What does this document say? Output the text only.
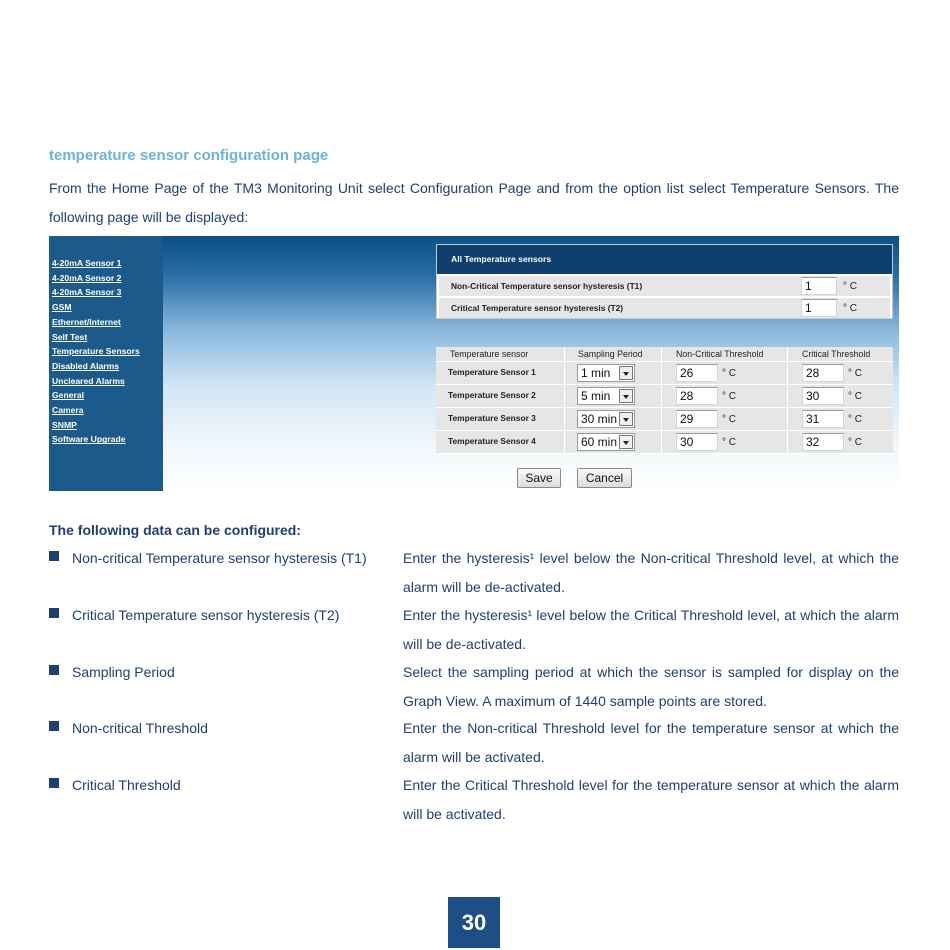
temperature sensor configuration page
From the Home Page of the TM3 Monitoring Unit select Configuration Page and from the option list select Temperature Sensors. The following page will be displayed:
4-20mA Sensor 1
4-20mA Sensor 2
4-20mA Sensor 3
GSM
Ethernet/Internet
Self Test
Temperature Sensors
Disabled Alarms
Uncleared Alarms
General
Camera
SNMP
Software Upgrade
All Temperature sensors
Non-Critical Temperature sensor hysteresis (T1)	1	° C
Critical Temperature sensor hysteresis (T2)	1	° C
Temperature sensor	Sampling Period	Non-Critical Threshold	Critical Threshold
Temperature Sensor 1	1 min	26	° C	28	° C
Temperature Sensor 2	5 min	28	° C	30	° C
Temperature Sensor 3	30 min	29	° C	31	° C
Temperature Sensor 4	60 min	30	° C	32	° C
Save	Cancel
The following data can be configured:
Non-critical Temperature sensor hysteresis (T1)	Enter the hysteresis¹ level below the Non-critical Threshold level, at which the alarm will be de-activated.
Critical Temperature sensor hysteresis (T2)	Enter the hysteresis¹ level below the Critical Threshold level, at which the alarm will be de-activated.
Sampling Period	Select the sampling period at which the sensor is sampled for display on the Graph View. A maximum of 1440 sample points are stored.
Non-critical Threshold	Enter the Non-critical Threshold level for the temperature sensor at which the alarm will be activated.
Critical Threshold	Enter the Critical Threshold level for the temperature sensor at which the alarm will be activated.
30
